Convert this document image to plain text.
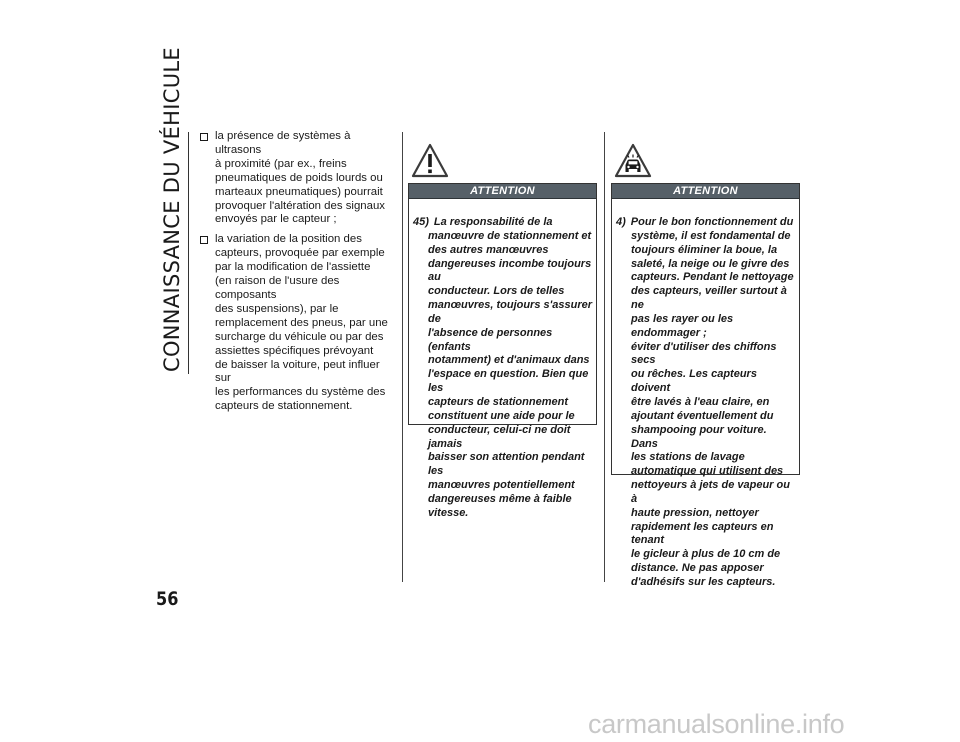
CONNAISSANCE DU VÉHICULE
56
la présence de systèmes à ultrasons
à proximité (par ex., freins
pneumatiques de poids lourds ou
marteaux pneumatiques) pourrait
provoquer l'altération des signaux
envoyés par le capteur ;
la variation de la position des
capteurs, provoquée par exemple
par la modification de l'assiette
(en raison de l'usure des composants
des suspensions), par le
remplacement des pneus, par une
surcharge du véhicule ou par des
assiettes spécifiques prévoyant
de baisser la voiture, peut influer sur
les performances du système des
capteurs de stationnement.
ATTENTION
45) La responsabilité de la
manœuvre de stationnement et
des autres manœuvres
dangereuses incombe toujours au
conducteur. Lors de telles
manœuvres, toujours s'assurer de
l'absence de personnes (enfants
notamment) et d'animaux dans
l'espace en question. Bien que les
capteurs de stationnement
constituent une aide pour le
conducteur, celui-ci ne doit jamais
baisser son attention pendant les
manœuvres potentiellement
dangereuses même à faible
vitesse.
ATTENTION
4) Pour le bon fonctionnement du
système, il est fondamental de
toujours éliminer la boue, la
saleté, la neige ou le givre des
capteurs. Pendant le nettoyage
des capteurs, veiller surtout à ne
pas les rayer ou les endommager ;
éviter d'utiliser des chiffons secs
ou rêches. Les capteurs doivent
être lavés à l'eau claire, en
ajoutant éventuellement du
shampooing pour voiture. Dans
les stations de lavage
automatique qui utilisent des
nettoyeurs à jets de vapeur ou à
haute pression, nettoyer
rapidement les capteurs en tenant
le gicleur à plus de 10 cm de
distance. Ne pas apposer
d'adhésifs sur les capteurs.
carmanualsonline.info
